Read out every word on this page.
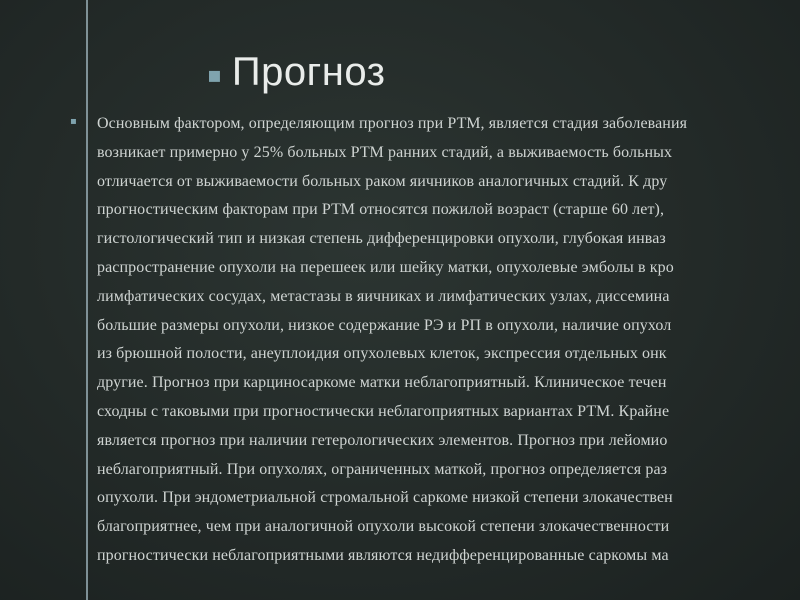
▪ Прогноз
▪ Основным фактором, определяющим прогноз при РТМ, является стадия заболевания
возникает примерно у 25% больных РТМ ранних стадий, а выживаемость больных
отличается от выживаемости больных раком яичников аналогичных стадий. К дру
прогностическим факторам при РТМ относятся пожилой возраст (старше 60 лет),
гистологический тип и низкая степень дифференцировки опухоли, глубокая инваз
распространение опухоли на перешеек или шейку матки, опухолевые эмболы в кро
лимфатических сосудах, метастазы в яичниках и лимфатических узлах, диссемина
большие размеры опухоли, низкое содержание РЭ и РП в опухоли, наличие опухол
из брюшной полости, анеуплоидия опухолевых клеток, экспрессия отдельных онк
другие. Прогноз при карциносаркоме матки неблагоприятный. Клиническое течен
сходны с таковыми при прогностически неблагоприятных вариантах РТМ. Крайне
является прогноз при наличии гетерологических элементов. Прогноз при лейомио
неблагоприятный. При опухолях, ограниченных маткой, прогноз определяется раз
опухоли. При эндометриальной стромальной саркоме низкой степени злокачествен
благоприятнее, чем при аналогичной опухоли высокой степени злокачественности
прогностически неблагоприятными являются недифференцированные саркомы ма
